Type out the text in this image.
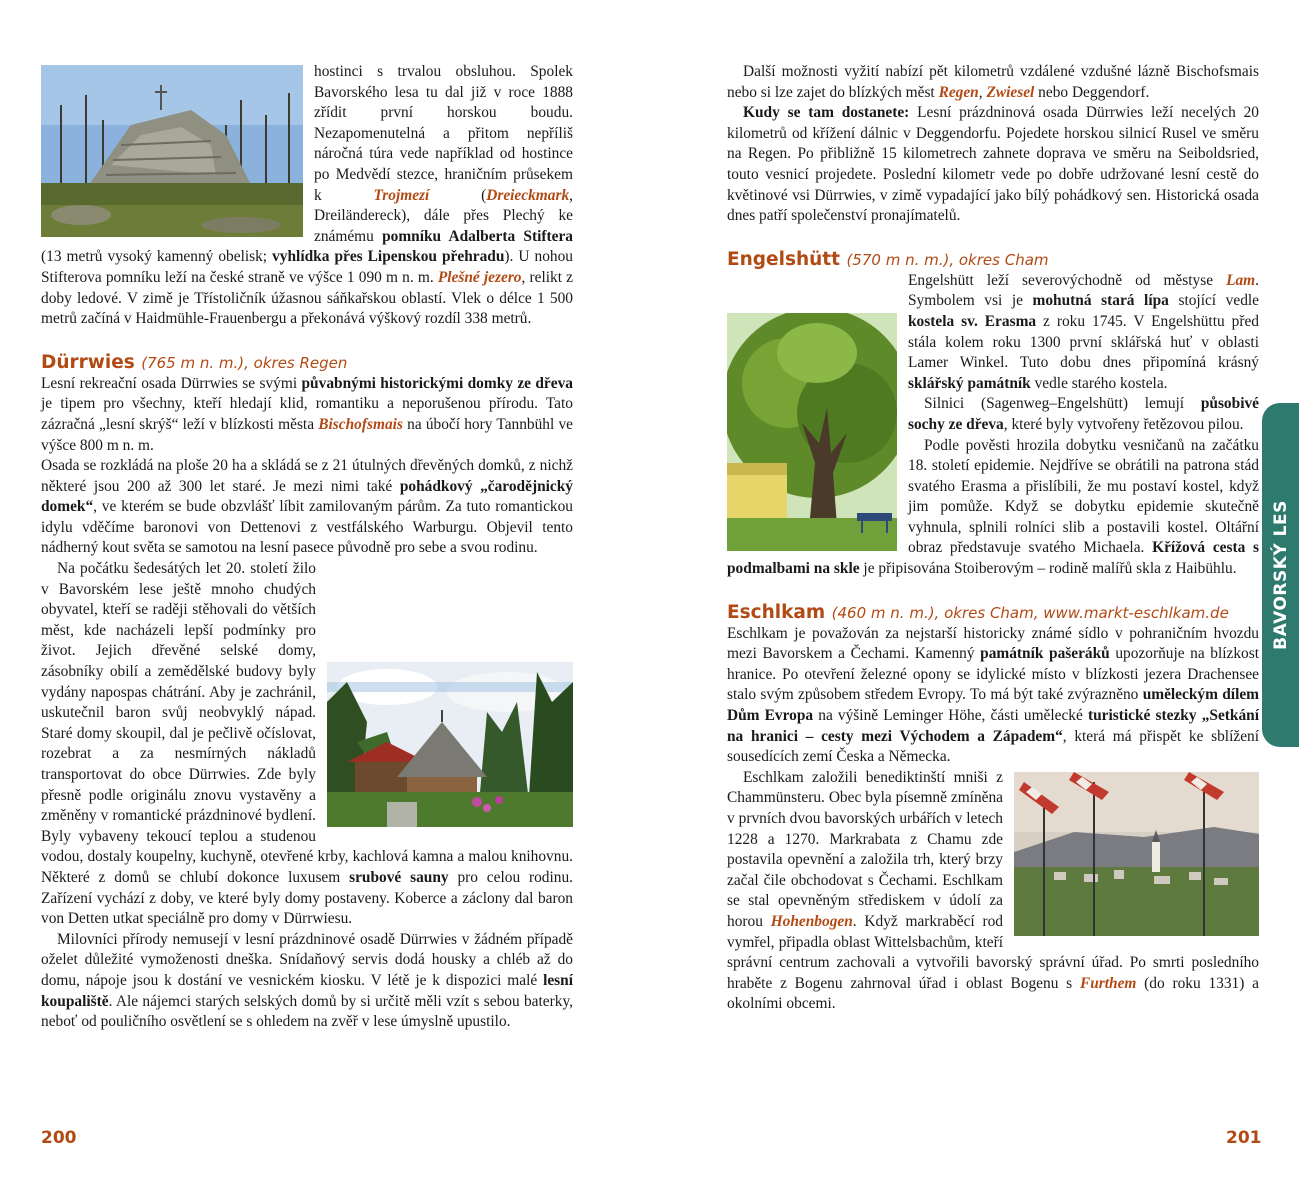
hostinci s trvalou obsluhou. Spolek Bavorského lesa tu dal již v roce 1888 zřídit první horskou boudu. Nezapomenutelná a přitom nepříliš náročná túra vede například od hostince po Medvědí stezce, hraničním průsekem k Trojmezí (Dreieckmark, Dreiländereck), dále přes Plechý ke známému pomníku Adalberta Stiftera (13 metrů vysoký kamenný obelisk; vyhlídka přes Lipenskou přehradu). U nohou Stifterova pomníku leží na české straně ve výšce 1 090 m n. m. Plešné jezero, relikt z doby ledové. V zimě je Třístoličník úžasnou sáňkařskou oblastí. Vlek o délce 1 500 metrů začíná v Haidmühle-Frauenbergu a překonává výškový rozdíl 338 metrů.

Dürrwies (765 m n. m.), okres Regen

Lesní rekreační osada Dürrwies se svými půvabnými historickými domky ze dřeva je tipem pro všechny, kteří hledají klid, romantiku a neporušenou přírodu. Tato zázračná „lesní skrýš“ leží v blízkosti města Bischofsmais na úbočí hory Tannbühl ve výšce 800 m n. m.

Osada se rozkládá na ploše 20 ha a skládá se z 21 útulných dřevěných domků, z nichž některé jsou 200 až 300 let staré. Je mezi nimi také pohádkový „čarodějnický domek“, ve kterém se bude obzvlášť líbit zamilovaným párům. Za tuto romantickou idylu vděčíme baronovi von Dettenovi z vestfálského Warburgu. Objevil tento nádherný kout světa se samotou na lesní pasece původně pro sebe a svou rodinu.

Na počátku šedesátých let 20. století žilo v Bavorském lese ještě mnoho chudých obyvatel, kteří se raději stěhovali do větších měst, kde nacházeli lepší podmínky pro život. Jejich dřevěné selské domy, zásobníky obilí a zemědělské budovy byly vydány napospas chátrání. Aby je zachránil, uskutečnil baron svůj neobvyklý nápad. Staré domy skoupil, dal je pečlivě očíslovat, rozebrat a za nesmírných nákladů transportovat do obce Dürrwies. Zde byly přesně podle originálu znovu vystavěny a změněny v romantické prázdninové bydlení. Byly vybaveny tekoucí teplou a studenou vodou, dostaly koupelny, kuchyně, otevřené krby, kachlová kamna a malou knihovnu. Některé z domů se chlubí dokonce luxusem srubové sauny pro celou rodinu. Zařízení vychází z doby, ve které byly domy postaveny. Koberce a záclony dal baron von Detten utkat speciálně pro domy v Dürrwiesu.

Milovníci přírody nemusejí v lesní prázdninové osadě Dürrwies v žádném případě oželet důležité vymoženosti dneška. Snídaňový servis dodá housky a chléb až do domu, nápoje jsou k dostání ve vesnickém kiosku. V létě je k dispozici malé lesní koupaliště. Ale nájemci starých selských domů by si určitě měli vzít s sebou baterky, neboť od pouličního osvětlení se s ohledem na zvěř v lese úmyslně upustilo.

200

Další možnosti vyžití nabízí pět kilometrů vzdálené vzdušné lázně Bischofsmais nebo si lze zajet do blízkých měst Regen, Zwiesel nebo Deggendorf.

Kudy se tam dostanete: Lesní prázdninová osada Dürrwies leží necelých 20 kilometrů od křížení dálnic v Deggendorfu. Pojedete horskou silnicí Rusel ve směru na Regen. Po přibližně 15 kilometrech zahnete doprava ve směru na Seiboldsried, touto vesnicí projedete. Poslední kilometr vede po dobře udržované lesní cestě do květinové vsi Dürrwies, v zimě vypadající jako bílý pohádkový sen. Historická osada dnes patří společenství pronajímatelů.

Engelshütt (570 m n. m.), okres Cham

Engelshütt leží severovýchodně od městyse Lam. Symbolem vsi je mohutná stará lípa stojící vedle kostela sv. Erasma z roku 1745. V Engelshüttu před stála kolem roku 1300 první sklářská huť v oblasti Lamer Winkel. Tuto dobu dnes připomíná krásný sklářský památník vedle starého kostela.

Silnici (Sagenweg–Engelshütt) lemují působivé sochy ze dřeva, které byly vytvořeny řetězovou pilou.

Podle pověsti hrozila dobytku vesničanů na začátku 18. století epidemie. Nejdříve se obrátili na patrona stád svatého Erasma a přislíbili, že mu postaví kostel, když jim pomůže. Když se dobytku epidemie skutečně vyhnula, splnili rolníci slib a postavili kostel. Oltářní obraz představuje svatého Michaela. Křížová cesta s podmalbami na skle je připisována Stoiberovým – rodině malířů skla z Haibühlu.

Eschlkam (460 m n. m.), okres Cham, www.markt-eschlkam.de

Eschlkam je považován za nejstarší historicky známé sídlo v pohraničním hvozdu mezi Bavorskem a Čechami. Kamenný památník pašeráků upozorňuje na blízkost hranice. Po otevření železné opony se idylické místo v blízkosti jezera Drachensee stalo svým způsobem středem Evropy. To má být také zvýrazněno uměleckým dílem Dům Evropa na výšině Leminger Höhe, části umělecké turistické stezky „Setkání na hranici – cesty mezi Východem a Západem“, která má přispět ke sblížení sousedících zemí Česka a Německa.

Eschlkam založili benediktinští mniši z Chammünsteru. Obec byla písemně zmíněna v prvních dvou bavorských urbářích v letech 1228 a 1270. Markrabata z Chamu zde postavila opevnění a založila trh, který brzy začal čile obchodovat s Čechami. Eschlkam se stal opevněným střediskem v údolí za horou Hohenbogen. Když markraběcí rod vymřel, připadla oblast Wittelsbachům, kteří správní centrum zachovali a vytvořili bavorský správní úřad. Po smrti posledního hraběte z Bogenu zahrnoval úřad i oblast Bogenu s Furthem (do roku 1331) a okolními obcemi.

201
BAVORSKÝ LES
